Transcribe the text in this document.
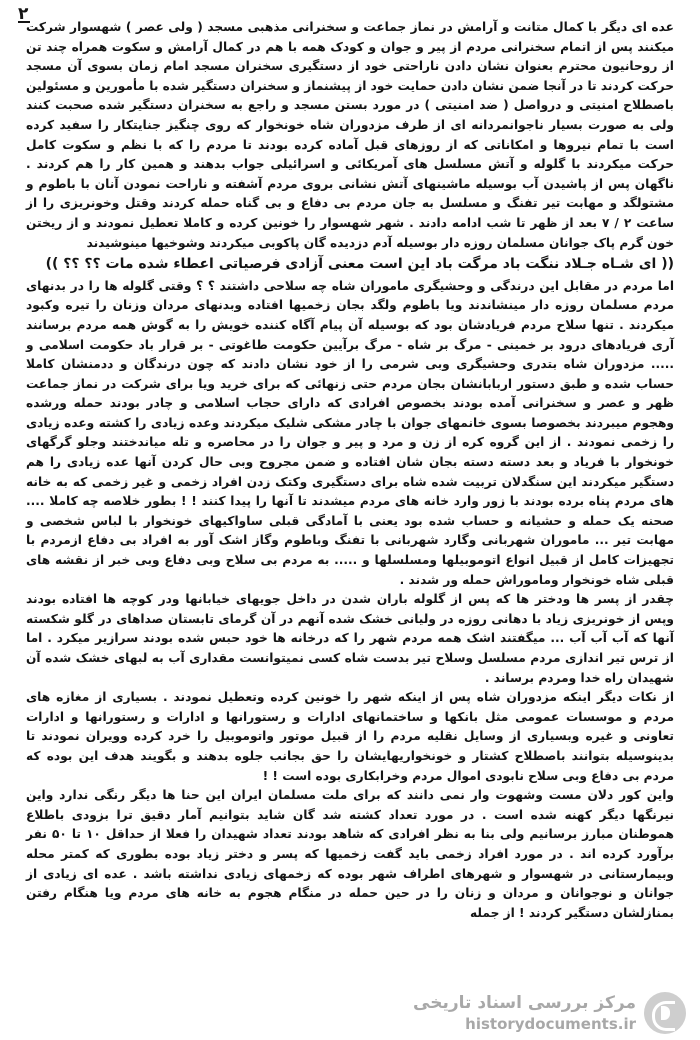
۲

عده ای دیگر با کمال متانت و آرامش در نماز جماعت و سخنرانی مذهبی مسجد ( ولی عصر ) شهسوار شرکت میکنند پس از اتمام سخنرانی مردم از پیر و جوان و کودک همه با هم در کمال آرامش و سکوت همراه چند تن از روحانیون محترم بعنوان نشان دادن ناراحتی خود از دستگیری سخنران مسجد امام زمان بسوی آن مسجد حرکت کردند تا در آنجا ضمن نشان دادن حمایت خود از پیشنماز و سخنران دستگیر شده با مأمورین و مسئولین باصطلاح امنیتی و درواصل ( ضد امنیتی ) در مورد بستن مسجد و راجع به سخنران دستگیر شده صحبت کنند ولی به صورت بسیار ناجوانمردانه ای از طرف مزدوران شاه خونخوار که روی چنگیز جنایتکار را سفید کرده است با تمام نیروها و امکاناتی که از روزهای قبل آماده کرده بودند تا مردم را که با نظم و سکوت کامل حرکت میکردند با گلوله و آتش مسلسل های آمریکائی و اسرائیلی جواب بدهند و همین کار را هم کردند . ناگهان پس از پاشیدن آب بوسیله ماشینهای آتش نشانی بروی مردم آشفته و ناراحت نمودن آنان با باطوم و مشتولگد و مهابت تیر تفنگ و مسلسل به جان مردم بی دفاع و بی گناه حمله کردند وقتل وخونریزی را از ساعت ۲ / ۷ بعد از ظهر تا شب ادامه دادند . شهر شهسوار را خونین کرده و کاملا تعطیل نمودند و از ریختن خون گرم پاک جوانان مسلمان روزه دار بوسیله آدم دزدیده گان پاکوبی میکردند وشوخیها مینوشیدند

(( ای شـاه جـلاد ننگت باد مرگت باد این است معنی آزادی فرصیاتی اعطاء شده مات ؟؟ ؟؟ ))

اما مردم در مقابل این درندگی و وحشیگری ماموران شاه چه سلاحی داشتند ؟ ؟ وقتی گلوله ها را در بدنهای مردم مسلمان روزه دار مینشاندند ویا باطوم ولگد بجان زخمیها افتاده وبدنهای مردان وزنان را تیره وکبود میکردند . تنها سلاح مردم فریادشان بود که بوسیله آن پیام آگاه کننده خویش را به گوش همه مردم برسانند آری فریادهای درود بر خمینی - مرگ بر شاه - مرگ برآیین حکومت طاغوتی - بر قرار باد حکومت اسلامی و ..... مزدوران شاه بتدری وحشیگری وبی شرمی را از خود نشان دادند که چون درندگان و ددمنشان کاملا حساب شده و طبق دستور اربابانشان بجان مردم حتی زنهائی که برای خرید ویا برای شرکت در نماز جماعت ظهر و عصر و سخنرانی آمده بودند بخصوص افرادی که دارای حجاب اسلامی و چادر بودند حمله ورشده وهجوم میبردند بخصوصا بسوی خانمهای جوان با چادر مشکی شلیک میکردند وعده زیادی را کشته وعده زیادی را زخمی نمودند . از این گروه کره از زن و مرد و پیر و جوان را در محاصره و تله میاندختند وجلو گرگهای خونخوار با فریاد و بعد دسته دسته بجان شان افتاده و ضمن مجروح وبی حال کردن آنها عده زیادی را هم دستگیر میکردند این سنگدلان تربیت شده شاه برای دستگیری وکتک زدن افراد زخمی و غیر زخمی که به خانه های مردم پناه برده بودند با زور وارد خانه های مردم میشدند تا آنها را پیدا کنند ! ! بطور خلاصه چه کاملا .... صحنه یک حمله و حشیانه و حساب شده بود یعنی با آمادگی قبلی ساواکیهای خونخوار با لباس شخصی و مهابت تیر ... ماموران شهربانی وگارد شهربانی با تفنگ وباطوم وگاز اشک آور به افراد بی دفاع ازمردم با تجهیزات کامل از قبیل انواع اتوموبیلها ومسلسلها و ..... به مردم بی سلاح وبی دفاع وبی خبر از نقشه های قبلی شاه خونخوار وماموراش حمله ور شدند .

چقدر از پسر ها ودختر ها که پس از گلوله باران شدن در داخل جویهای خیابانها ودر کوچه ها افتاده بودند وپس از خونریزی زیاد با دهانی روزه در ولیانی خشک شده آنهم در آن گرمای تابستان صداهای در گلو شکسته آنها که آب آب آب ... میگفتند اشک همه مردم شهر را که درخانه ها خود حبس شده بودند سرازیر میکرد . اما از ترس تیر اندازی مردم مسلسل وسلاح تیر بدست شاه کسی نمیتوانست مقداری آب به لبهای خشک شده آن شهیدان راه خدا ومردم برساند .

از نکات دیگر اینکه مزدوران شاه پس از اینکه شهر را خونین کرده وتعطیل نمودند . بسیاری از مغازه های مردم و موسسات عمومی مثل بانکها و ساختمانهای ادارات و رستورانها و ادارات و رستورانها و ادارات تعاونی و غیره وبسیاری از وسایل نقلیه مردم را از قبیل موتور واتوموبیل را خرد کرده وویران نمودند تا بدینوسیله بتوانند باصطلاح کشتار و خونخواریهایشان را حق بجانب جلوه بدهند و بگویند هدف این بوده که مردم بی دفاع وبی سلاح نابودی اموال مردم وخرابکاری بوده است ! !

واین کور دلان مست وشهوت وار نمی دانند که برای ملت مسلمان ایران این حنا ها دیگر رنگی ندارد واین نیرنگها دیگر کهنه شده است . در مورد تعداد کشته شد گان شاید بتوانیم آمار دقیق ترا بزودی باطلاع هموطنان مبارز برسانیم ولی بنا به نظر افرادی که شاهد بودند تعداد شهیدان را فعلا از حداقل ۱۰ تا ۵۰ نفر برآورد کرده اند . در مورد افراد زخمی باید گفت زخمیها که پسر و دختر زیاد بوده بطوری که کمتر محله وبیمارستانی در شهسوار و شهرهای اطراف شهر بوده که زخمهای زیادی نداشته باشد . عده ای زیادی از جوانان و نوجوانان و مردان و زنان را در حین حمله در منگام هجوم به خانه های مردم ویا هنگام رفتن بمنازلشان دستگیر کردند ! از جمله

مرکز بررسی اسناد تاریخی
historydocuments.ir
